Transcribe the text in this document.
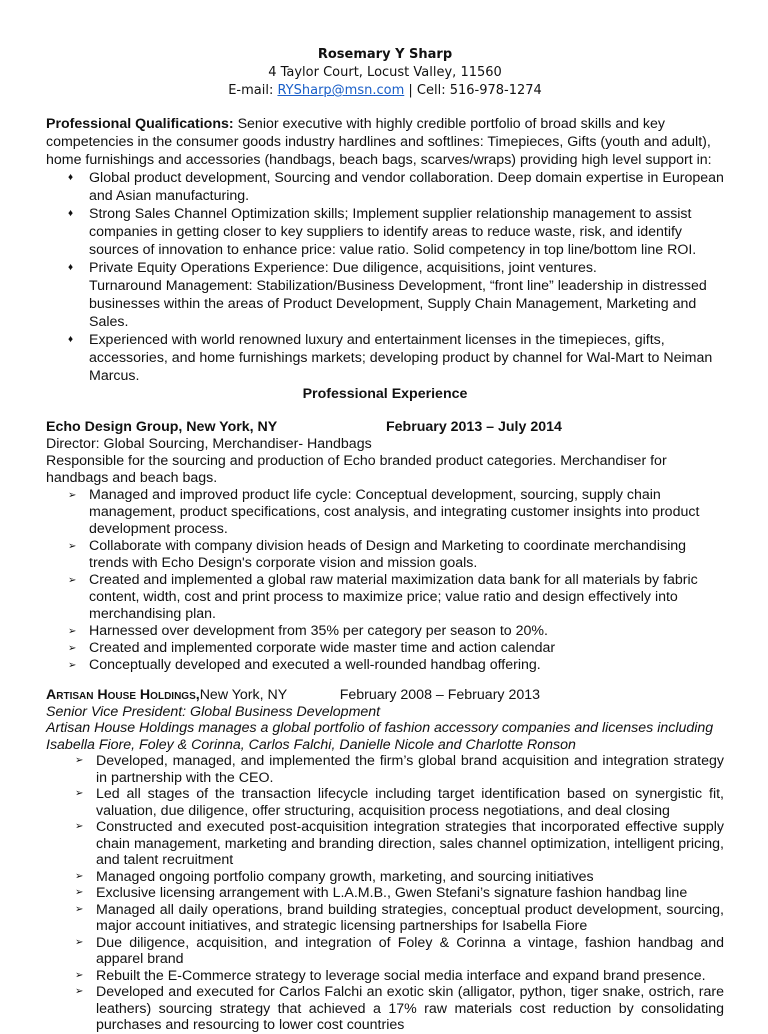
Rosemary Y Sharp
4 Taylor Court, Locust Valley, 11560
E-mail: RYSharp@msn.com | Cell: 516-978-1274
Professional Qualifications: Senior executive with highly credible portfolio of broad skills and key competencies in the consumer goods industry hardlines and softlines: Timepieces, Gifts (youth and adult), home furnishings and accessories (handbags, beach bags, scarves/wraps) providing high level support in:
♦ Global product development, Sourcing and vendor collaboration. Deep domain expertise in European and Asian manufacturing.
♦ Strong Sales Channel Optimization skills; Implement supplier relationship management to assist companies in getting closer to key suppliers to identify areas to reduce waste, risk, and identify sources of innovation to enhance price: value ratio. Solid competency in top line/bottom line ROI.
♦ Private Equity Operations Experience: Due diligence, acquisitions, joint ventures.
Turnaround Management: Stabilization/Business Development, “front line” leadership in distressed businesses within the areas of Product Development, Supply Chain Management, Marketing and Sales.
♦ Experienced with world renowned luxury and entertainment licenses in the timepieces, gifts, accessories, and home furnishings markets; developing product by channel for Wal-Mart to Neiman Marcus.
Professional Experience
Echo Design Group, New York, NY	February 2013 – July 2014
Director: Global Sourcing, Merchandiser- Handbags
Responsible for the sourcing and production of Echo branded product categories. Merchandiser for handbags and beach bags.
➢ Managed and improved product life cycle: Conceptual development, sourcing, supply chain management, product specifications, cost analysis, and integrating customer insights into product development process.
➢ Collaborate with company division heads of Design and Marketing to coordinate merchandising trends with Echo Design's corporate vision and mission goals.
➢ Created and implemented a global raw material maximization data bank for all materials by fabric content, width, cost and print process to maximize price; value ratio and design effectively into merchandising plan.
➢ Harnessed over development from 35% per category per season to 20%.
➢ Created and implemented corporate wide master time and action calendar
➢ Conceptually developed and executed a well-rounded handbag offering.
Artisan House Holdings, New York, NY	February 2008 – February 2013
Senior Vice President: Global Business Development
Artisan House Holdings manages a global portfolio of fashion accessory companies and licenses including Isabella Fiore, Foley & Corinna, Carlos Falchi, Danielle Nicole and Charlotte Ronson
➢ Developed, managed, and implemented the firm’s global brand acquisition and integration strategy in partnership with the CEO.
➢ Led all stages of the transaction lifecycle including target identification based on synergistic fit, valuation, due diligence, offer structuring, acquisition process negotiations, and deal closing
➢ Constructed and executed post-acquisition integration strategies that incorporated effective supply chain management, marketing and branding direction, sales channel optimization, intelligent pricing, and talent recruitment
➢ Managed ongoing portfolio company growth, marketing, and sourcing initiatives
➢ Exclusive licensing arrangement with L.A.M.B., Gwen Stefani’s signature fashion handbag line
➢ Managed all daily operations, brand building strategies, conceptual product development, sourcing, major account initiatives, and strategic licensing partnerships for Isabella Fiore
➢ Due diligence, acquisition, and integration of Foley & Corinna a vintage, fashion handbag and apparel brand
➢ Rebuilt the E-Commerce strategy to leverage social media interface and expand brand presence.
➢ Developed and executed for Carlos Falchi an exotic skin (alligator, python, tiger snake, ostrich, rare leathers) sourcing strategy that achieved a 17% raw materials cost reduction by consolidating purchases and resourcing to lower cost countries
